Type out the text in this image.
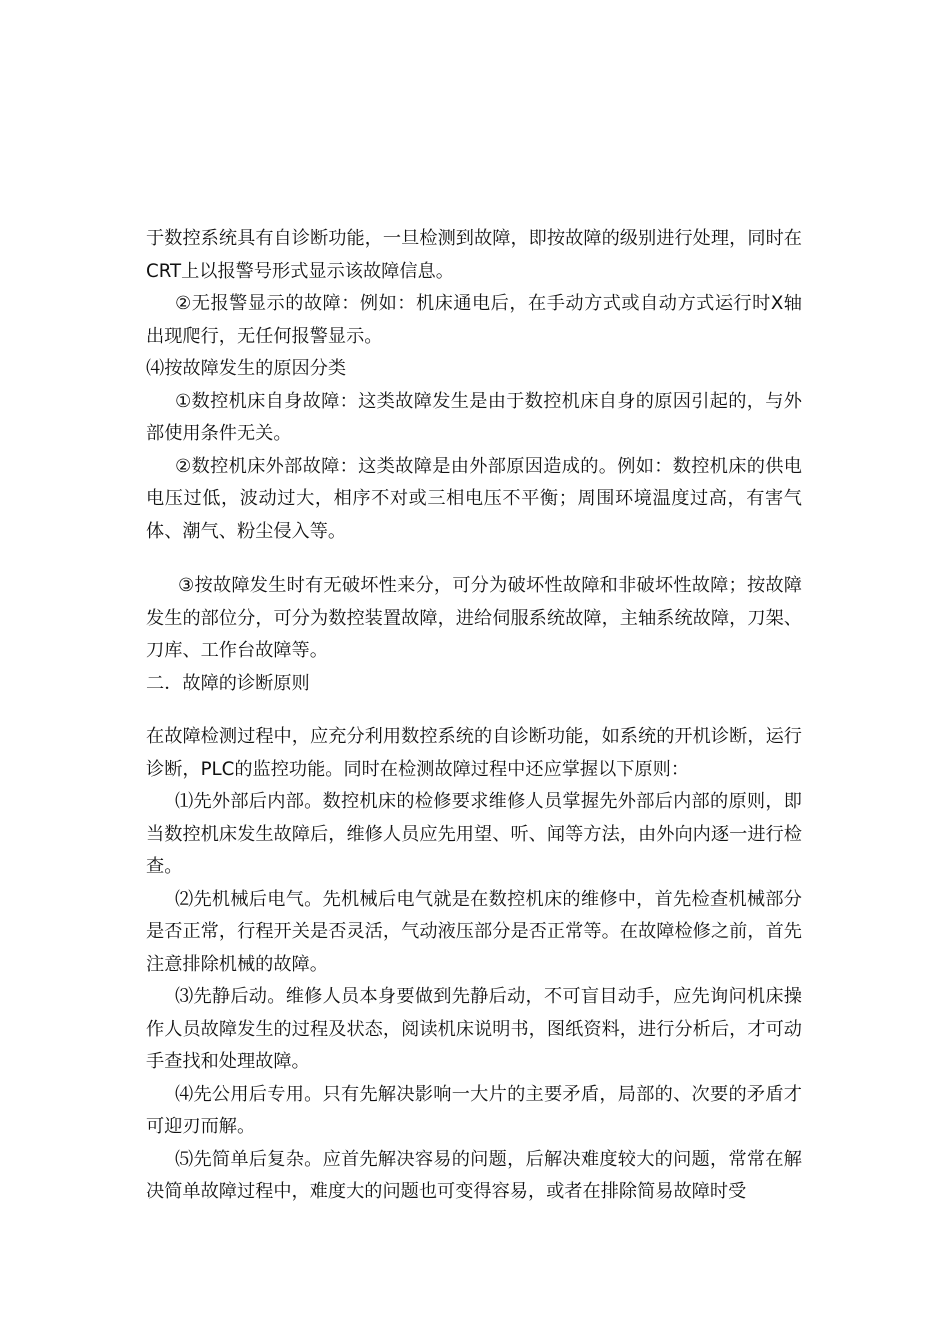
于数控系统具有自诊断功能，一旦检测到故障，即按故障的级别进行处理，同时在CRT上以报警号形式显示该故障信息。

②无报警显示的故障：例如：机床通电后，在手动方式或自动方式运行时X轴出现爬行，无任何报警显示。

⑷按故障发生的原因分类

①数控机床自身故障：这类故障发生是由于数控机床自身的原因引起的，与外部使用条件无关。

②数控机床外部故障：这类故障是由外部原因造成的。例如：数控机床的供电电压过低，波动过大，相序不对或三相电压不平衡；周围环境温度过高，有害气体、潮气、粉尘侵入等。

③按故障发生时有无破坏性来分，可分为破坏性故障和非破坏性故障；按故障发生的部位分，可分为数控装置故障，进给伺服系统故障，主轴系统故障，刀架、刀库、工作台故障等。

二．故障的诊断原则

在故障检测过程中，应充分利用数控系统的自诊断功能，如系统的开机诊断，运行诊断，PLC的监控功能。同时在检测故障过程中还应掌握以下原则：

⑴先外部后内部。数控机床的检修要求维修人员掌握先外部后内部的原则，即当数控机床发生故障后，维修人员应先用望、听、闻等方法，由外向内逐一进行检查。

⑵先机械后电气。先机械后电气就是在数控机床的维修中，首先检查机械部分是否正常，行程开关是否灵活，气动液压部分是否正常等。在故障检修之前，首先注意排除机械的故障。

⑶先静后动。维修人员本身要做到先静后动，不可盲目动手，应先询问机床操作人员故障发生的过程及状态，阅读机床说明书，图纸资料，进行分析后，才可动手查找和处理故障。

⑷先公用后专用。只有先解决影响一大片的主要矛盾，局部的、次要的矛盾才可迎刃而解。

⑸先简单后复杂。应首先解决容易的问题，后解决难度较大的问题，常常在解决简单故障过程中，难度大的问题也可变得容易，或者在排除简易故障时受
